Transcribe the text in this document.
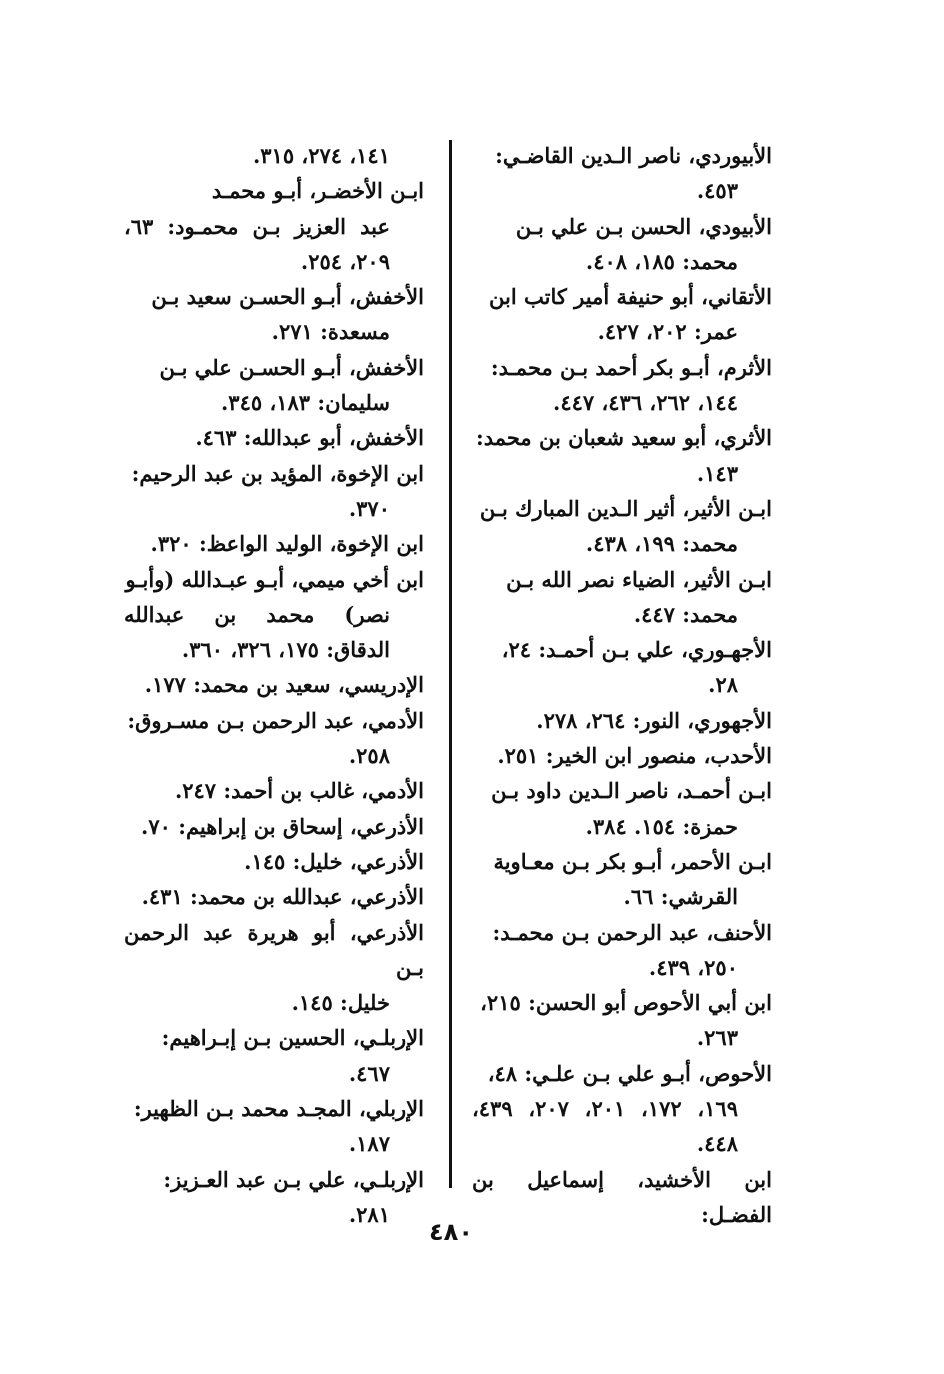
الأبيوردي، ناصر الـدين القاضـي:
٤٥٣.

الأبيودي، الحسن بـن علي بـن
محمد: ١٨٥، ٤٠٨.

الأتقاني، أبو حنيفة أمير كاتب ابن
عمر: ٢٠٢، ٤٢٧.

الأثرم، أبـو بكر أحمد بـن محمـد:
١٤٤، ٢٦٢، ٤٣٦، ٤٤٧.

الأثري، أبو سعيد شعبان بن محمد:
١٤٣.

ابـن الأثير، أثير الـدين المبارك بـن
محمد: ١٩٩، ٤٣٨.

ابـن الأثير، الضياء نصر الله بـن
محمد: ٤٤٧.

الأجهـوري، علي بـن أحمـد: ٢٤،
٢٨.

الأجهوري، النور: ٢٦٤، ٢٧٨.

الأحدب، منصور ابن الخير: ٢٥١.

ابـن أحمـد، ناصر الـدين داود بـن
حمزة: ١٥٤. ٣٨٤.

ابـن الأحمر، أبـو بكر بـن معـاوية
القرشي: ٦٦.

الأحنف، عبد الرحمن بـن محمـد:
٢٥٠، ٤٣٩.

ابن أبي الأحوص أبو الحسن: ٢١٥،
٢٦٣.

الأحوص، أبـو علي بـن علـي: ٤٨،
١٦٩، ١٧٢، ٢٠١، ٢٠٧، ٤٣٩، ٤٤٨.

ابن الأخشيد، إسماعيل بن الفضـل:

١٤١، ٢٧٤، ٣١٥.

ابـن الأخضـر، أبـو محمـد
عبد العزيز بـن محمـود: ٦٣، ٢٠٩، ٢٥٤.

الأخفش، أبـو الحسـن سعيد بـن
مسعدة: ٢٧١.

الأخفش، أبـو الحسـن علي بـن
سليمان: ١٨٣، ٣٤٥.

الأخفش، أبو عبدالله: ٤٦٣.

ابن الإخوة، المؤيد بن عبد الرحيم:
٣٧٠.

ابن الإخوة، الوليد الواعظ: ٣٢٠.

ابن أخي ميمي، أبـو عبـدالله (وأبـو
نصر) محمد بن عبدالله الدقاق: ١٧٥، ٣٢٦، ٣٦٠.

الإدريسي، سعيد بن محمد: ١٧٧.

الأدمي، عبد الرحمن بـن مسـروق:
٢٥٨.

الأدمي، غالب بن أحمد: ٢٤٧.

الأذرعي، إسحاق بن إبراهيم: ٧٠.

الأذرعي، خليل: ١٤٥.

الأذرعي، عبدالله بن محمد: ٤٣١.

الأذرعي، أبو هريرة عبد الرحمن بـن
خليل: ١٤٥.

الإربلـي، الحسين بـن إبـراهيم:
٤٦٧.

الإربلي، المجـد محمد بـن الظهير:
١٨٧.

الإربلـي، علي بـن عبد العـزيز:
٢٨١.

٤٨٠
